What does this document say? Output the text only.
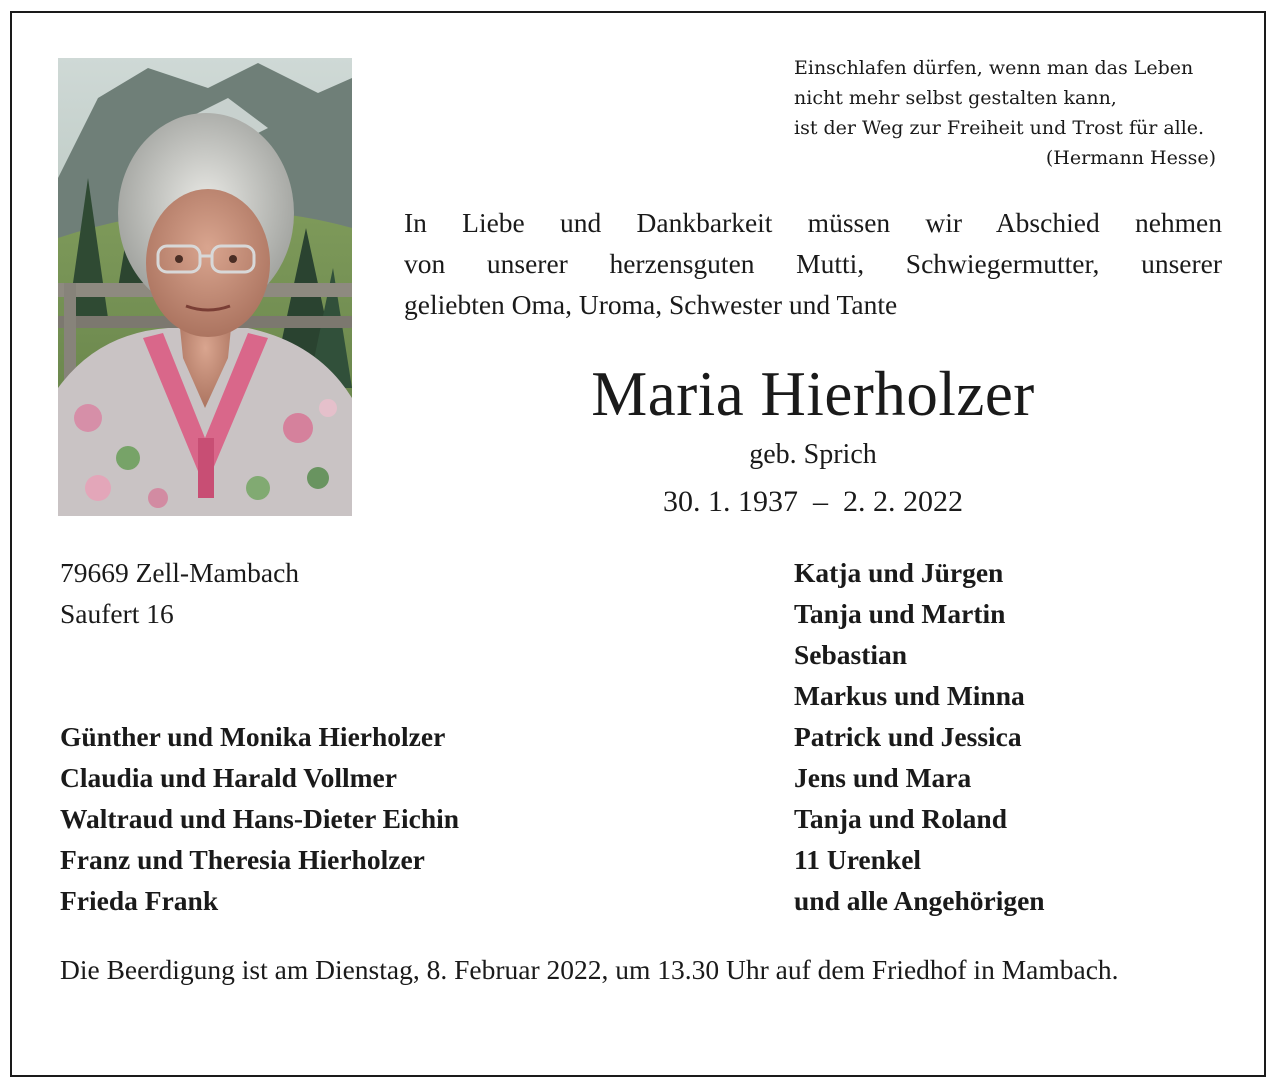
Einschlafen dürfen, wenn man das Leben
nicht mehr selbst gestalten kann,
ist der Weg zur Freiheit und Trost für alle.
(Hermann Hesse)
In Liebe und Dankbarkeit müssen wir Abschied nehmen
von unserer herzensguten Mutti, Schwiegermutter, unserer
geliebten Oma, Uroma, Schwester und Tante
Maria Hierholzer
geb. Sprich
30. 1. 1937  –  2. 2. 2022
79669 Zell-Mambach
Saufert 16
Günther und Monika Hierholzer
Claudia und Harald Vollmer
Waltraud und Hans-Dieter Eichin
Franz und Theresia Hierholzer
Frieda Frank
Katja und Jürgen
Tanja und Martin
Sebastian
Markus und Minna
Patrick und Jessica
Jens und Mara
Tanja und Roland
11 Urenkel
und alle Angehörigen
Die Beerdigung ist am Dienstag, 8. Februar 2022, um 13.30 Uhr auf dem Friedhof in Mambach.
